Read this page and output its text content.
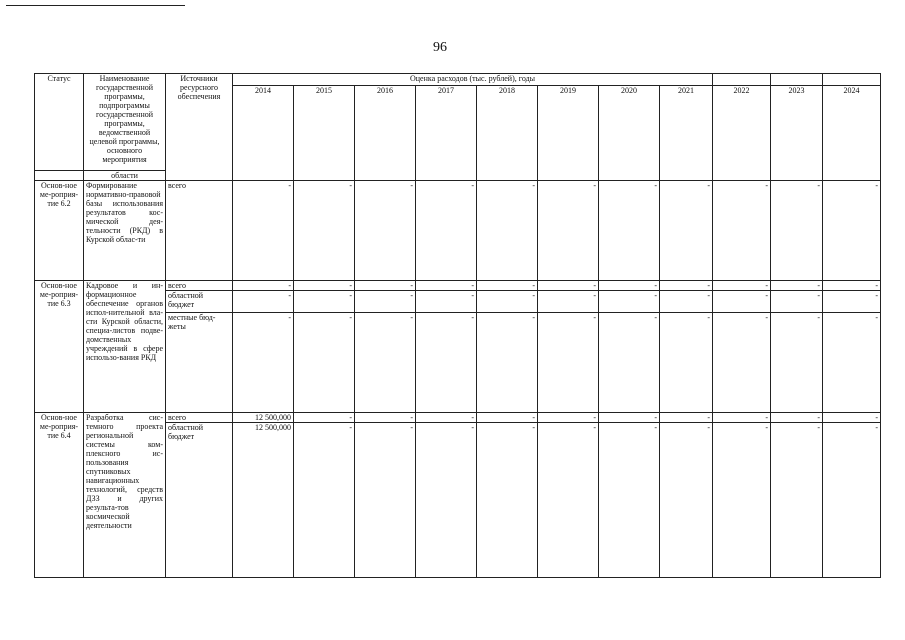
96
Статус	Наименование государственной программы, подпрограммы государственной программы, ведомственной целевой программы, основного мероприятия	Источники ресурсного обеспечения	Оценка расходов (тыс. рублей), годы										
			2014	2015	2016	2017	2018	2019	2020	2021	2022	2023	2024
	области												
Основ-ное ме-роприя-тие 6.2	Формирование нормативно-правовой базы использования результатов кос-мической дея-тельности (РКД) в Курской облас-ти	всего	-	-	-	-	-	-	-	-	-	-	-
Основ-ное ме-роприя-тие 6.3	Кадровое и ин-формационное обеспечение органов испол-нительной вла-сти Курской области, специа-листов подве-домственных учреждений в сфере использо-вания РКД	всего	-	-	-	-	-	-	-	-	-	-	-
		областной бюджет	-	-	-	-	-	-	-	-	-	-	-
		местные бюд-жеты	-	-	-	-	-	-	-	-	-	-	-
Основ-ное ме-роприя-тие 6.4	Разработка сис-темного проекта региональной системы ком-плексного ис-пользования спутниковых навигационных технологий, средств ДЗЗ и других результа-тов космической деятельности	всего	12 500,000	-	-	-	-	-	-	-	-	-	-
		областной бюджет	12 500,000	-	-	-	-	-	-	-	-	-	-
